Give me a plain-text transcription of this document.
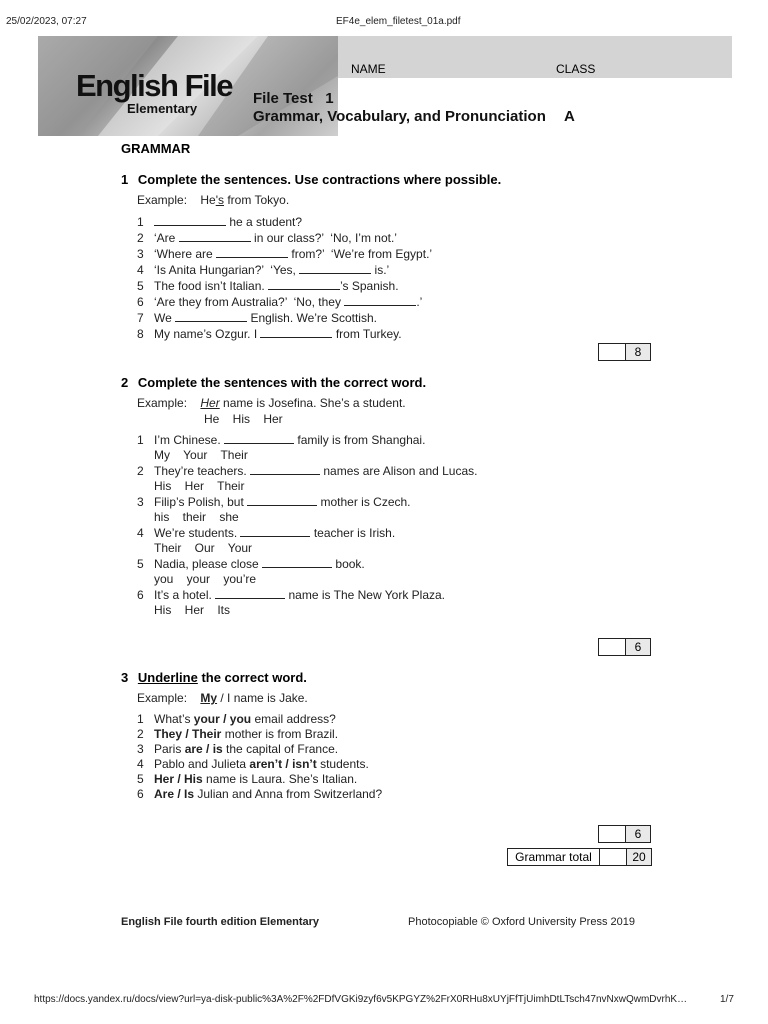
25/02/2023, 07:27	EF4e_elem_filetest_01a.pdf
English File
Elementary
NAME	CLASS
File Test   1
Grammar, Vocabulary, and Pronunciation A
GRAMMAR
1 Complete the sentences. Use contractions where possible.
Example: He's from Tokyo.
1	he a student?
2 ‘Are	in our class?’  ‘No, I’m not.’
3 ‘Where are	from?’  ‘We’re from Egypt.’
4 ‘Is Anita Hungarian?’  ‘Yes,	is.’
5 The food isn’t Italian.	’s Spanish.
6 ‘Are they from Australia?’  ‘No, they	.’
7 We	English. We’re Scottish.
8 My name’s Ozgur. I	from Turkey.
8
2 Complete the sentences with the correct word.
Example: Her name is Josefina. She’s a student.
He    His    Her
1 I’m Chinese.	family is from Shanghai.
My    Your    Their
2 They’re teachers.	names are Alison and Lucas.
His    Her    Their
3 Filip’s Polish, but	mother is Czech.
his    their    she
4 We’re students.	teacher is Irish.
Their    Our    Your
5 Nadia, please close	book.
you    your    you’re
6 It’s a hotel.	name is The New York Plaza.
His    Her    Its
6
3 Underline the correct word.
Example: My / I name is Jake.
1 What’s your / you email address?
2 They / Their mother is from Brazil.
3 Paris are / is the capital of France.
4 Pablo and Julieta aren’t / isn’t students.
5 Her / His name is Laura. She’s Italian.
6 Are / Is Julian and Anna from Switzerland?
6
Grammar total	20
English File fourth edition Elementary	Photocopiable © Oxford University Press 2019
https://docs.yandex.ru/docs/view?url=ya-disk-public%3A%2F%2FDfVGKi9zyf6v5KPGYZ%2FrX0RHu8xUYjFfTjUimhDtLTsch47nvNxwQwmDvrhK…	1/7
